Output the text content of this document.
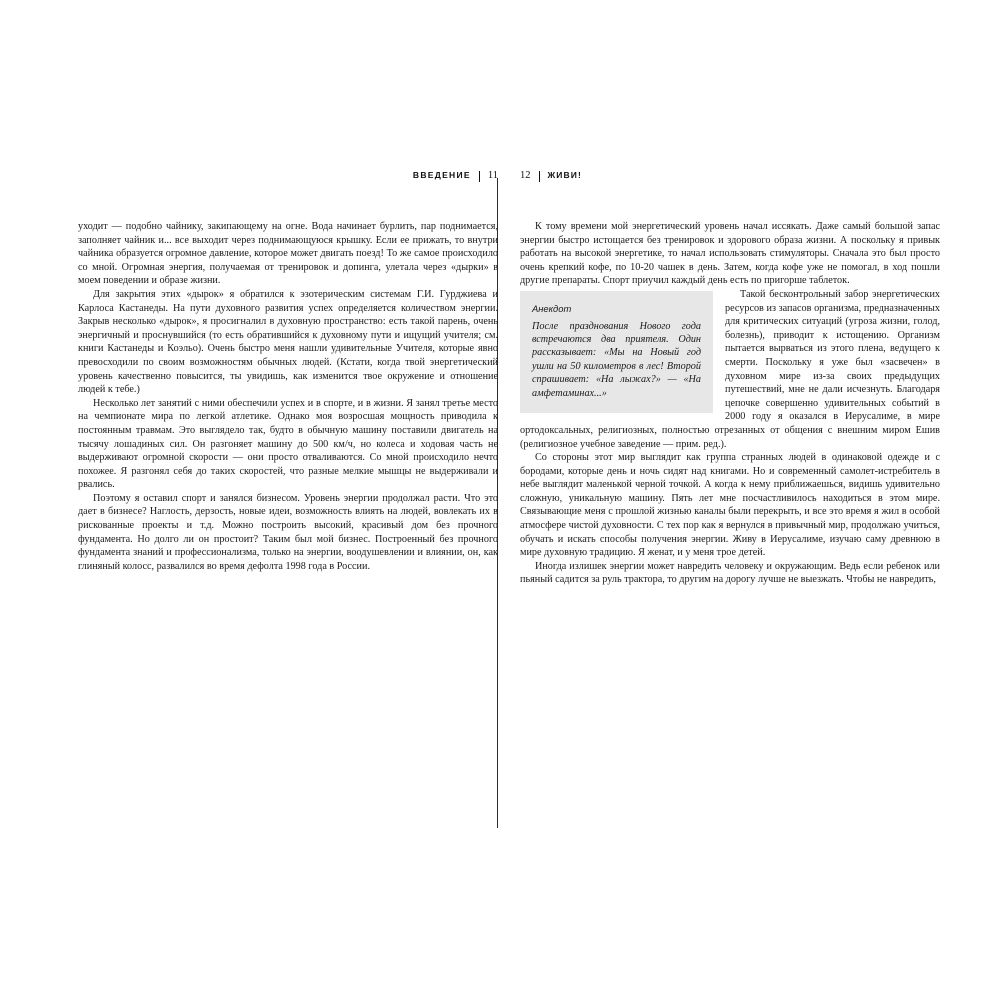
ВВЕДЕНИЕ 11

уходит — подобно чайнику, закипающему на огне. Вода начинает бурлить, пар поднимается, заполняет чайник и... все выходит через поднимающуюся крышку. Если ее прижать, то внутри чайника образуется огромное давление, которое может двигать поезд! То же самое происходило со мной. Огромная энергия, получаемая от тренировок и допинга, улетала через «дырки» в моем поведении и образе жизни.

Для закрытия этих «дырок» я обратился к эзотерическим системам Г.И. Гурджиева и Карлоса Кастанеды. На пути духовного развития успех определяется количеством энергии. Закрыв несколько «дырок», я просигналил в духовную пространство: есть такой парень, очень энергичный и проснувшийся (то есть обратившийся к духовному пути и ищущий учителя; см. книги Кастанеды и Коэльо). Очень быстро меня нашли удивительные Учителя, которые явно превосходили по своим возможностям обычных людей. (Кстати, когда твой энергетический уровень качественно повысится, ты увидишь, как изменится твое окружение и отношение людей к тебе.)

Несколько лет занятий с ними обеспечили успех и в спорте, и в жизни. Я занял третье место на чемпионате мира по легкой атлетике. Однако моя возросшая мощность приводила к постоянным травмам. Это выглядело так, будто в обычную машину поставили двигатель на тысячу лошадиных сил. Он разгоняет машину до 500 км/ч, но колеса и ходовая часть не выдерживают огромной скорости — они просто отваливаются. Со мной происходило нечто похожее. Я разгонял себя до таких скоростей, что разные мелкие мышцы не выдерживали и рвались.

Поэтому я оставил спорт и занялся бизнесом. Уровень энергии продолжал расти. Что это дает в бизнесе? Наглость, дерзость, новые идеи, возможность влиять на людей, вовлекать их в рискованные проекты и т.д. Можно построить высокий, красивый дом без прочного фундамента. Но долго ли он простоит? Таким был мой бизнес. Построенный без прочного фундамента знаний и профессионализма, только на энергии, воодушевлении и влиянии, он, как глиняный колосс, развалился во время дефолта 1998 года в России.

12 ЖИВИ!

К тому времени мой энергетический уровень начал иссякать. Даже самый большой запас энергии быстро истощается без тренировок и здорового образа жизни. А поскольку я привык работать на высокой энергетике, то начал использовать стимуляторы. Сначала это был просто очень крепкий кофе, по 10-20 чашек в день. Затем, когда кофе уже не помогал, в ход пошли другие препараты. Спорт приучил каждый день есть по пригорше таблеток.

Анекдот
После празднования Нового года встречаются два приятеля. Один рассказывает: «Мы на Новый год ушли на 50 километров в лес! Второй спрашивает: «На лыжах?» — «На амфетаминах...»

Такой бесконтрольный забор энергетических ресурсов из запасов организма, предназначенных для критических ситуаций (угроза жизни, голод, болезнь), приводит к истощению. Организм пытается вырваться из этого плена, ведущего к смерти. Поскольку я уже был «засвечен» в духовном мире из-за своих предыдущих путешествий, мне не дали исчезнуть. Благодаря цепочке совершенно удивительных событий в 2000 году я оказался в Иерусалиме, в мире ортодоксальных, религиозных, полностью отрезанных от общения с внешним миром Ешив (религиозное учебное заведение — прим. ред.).

Со стороны этот мир выглядит как группа странных людей в одинаковой одежде и с бородами, которые день и ночь сидят над книгами. Но и современный самолет-истребитель в небе выглядит маленькой черной точкой. А когда к нему приближаешься, видишь удивительно сложную, уникальную машину. Пять лет мне посчастливилось находиться в этом мире. Связывающие меня с прошлой жизнью каналы были перекрыть, и все это время я жил в особой атмосфере чистой духовности. С тех пор как я вернулся в привычный мир, продолжаю учиться, обучать и искать способы получения энергии. Живу в Иерусалиме, изучаю саму древнюю в мире духовную традицию. Я женат, и у меня трое детей.

Иногда излишек энергии может навредить человеку и окружающим. Ведь если ребенок или пьяный садится за руль трактора, то другим на дорогу лучше не выезжать. Чтобы не навредить,
